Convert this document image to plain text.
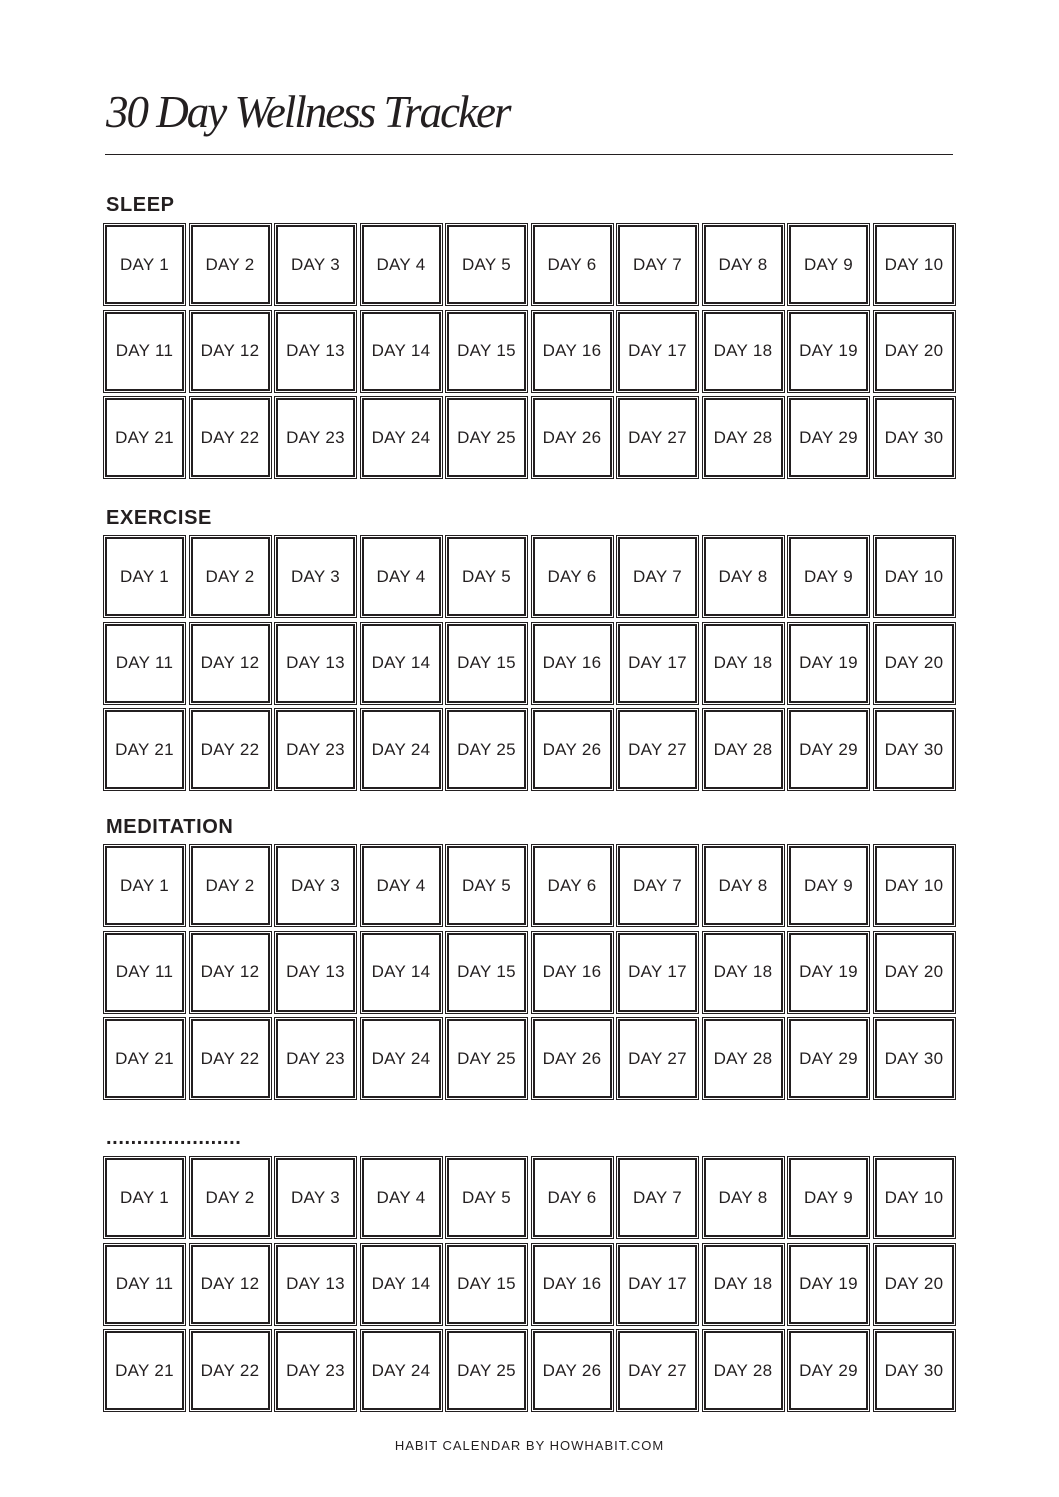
30 Day Wellness Tracker
SLEEP
DAY 1	DAY 2	DAY 3	DAY 4	DAY 5	DAY 6	DAY 7	DAY 8	DAY 9	DAY 10
DAY 11	DAY 12	DAY 13	DAY 14	DAY 15	DAY 16	DAY 17	DAY 18	DAY 19	DAY 20
DAY 21	DAY 22	DAY 23	DAY 24	DAY 25	DAY 26	DAY 27	DAY 28	DAY 29	DAY 30
EXERCISE
DAY 1	DAY 2	DAY 3	DAY 4	DAY 5	DAY 6	DAY 7	DAY 8	DAY 9	DAY 10
DAY 11	DAY 12	DAY 13	DAY 14	DAY 15	DAY 16	DAY 17	DAY 18	DAY 19	DAY 20
DAY 21	DAY 22	DAY 23	DAY 24	DAY 25	DAY 26	DAY 27	DAY 28	DAY 29	DAY 30
MEDITATION
DAY 1	DAY 2	DAY 3	DAY 4	DAY 5	DAY 6	DAY 7	DAY 8	DAY 9	DAY 10
DAY 11	DAY 12	DAY 13	DAY 14	DAY 15	DAY 16	DAY 17	DAY 18	DAY 19	DAY 20
DAY 21	DAY 22	DAY 23	DAY 24	DAY 25	DAY 26	DAY 27	DAY 28	DAY 29	DAY 30
......................
DAY 1	DAY 2	DAY 3	DAY 4	DAY 5	DAY 6	DAY 7	DAY 8	DAY 9	DAY 10
DAY 11	DAY 12	DAY 13	DAY 14	DAY 15	DAY 16	DAY 17	DAY 18	DAY 19	DAY 20
DAY 21	DAY 22	DAY 23	DAY 24	DAY 25	DAY 26	DAY 27	DAY 28	DAY 29	DAY 30
HABIT CALENDAR BY HOWHABIT.COM
